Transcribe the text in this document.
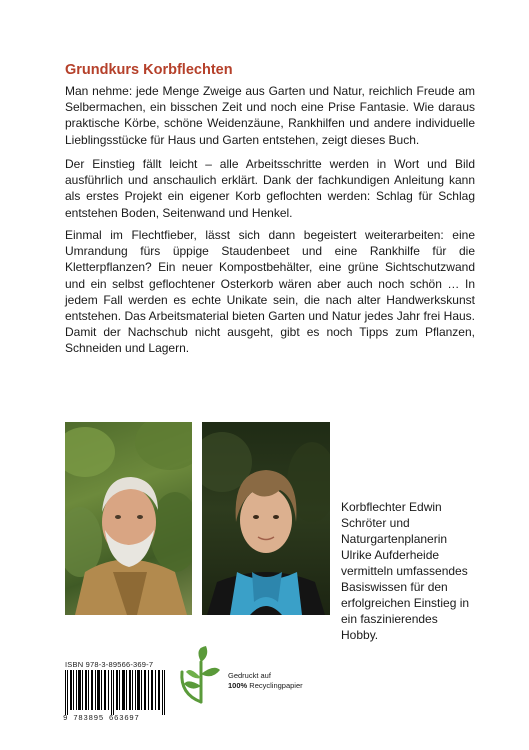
Grundkurs Korbflechten

Man nehme: jede Menge Zweige aus Garten und Natur, reichlich Freude am Selbermachen, ein bisschen Zeit und noch eine Prise Fantasie. Wie daraus praktische Körbe, schöne Weidenzäune, Rankhilfen und andere individuelle Lieblingsstücke für Haus und Garten entstehen, zeigt dieses Buch.

Der Einstieg fällt leicht – alle Arbeitsschritte werden in Wort und Bild ausführlich und anschaulich erklärt. Dank der fachkundigen Anleitung kann als erstes Projekt ein eigener Korb geflochten werden: Schlag für Schlag entstehen Boden, Seitenwand und Henkel.

Einmal im Flechtfieber, lässt sich dann begeistert weiterarbeiten: eine Umrandung fürs üppige Staudenbeet und eine Rankhilfe für die Kletterpflanzen? Ein neuer Kompostbehälter, eine grüne Sichtschutzwand und ein selbst geflochtener Osterkorb wären aber auch noch schön … In jedem Fall werden es echte Unikate sein, die nach alter Handwerkskunst entstehen. Das Arbeitsmaterial bieten Garten und Natur jedes Jahr frei Haus. Damit der Nachschub nicht ausgeht, gibt es noch Tipps zum Pflanzen, Schneiden und Lagern.

Korbflechter Edwin Schröter und Naturgartenplanerin Ulrike Aufderheide vermitteln umfassendes Basiswissen für den erfolgreichen Einstieg in ein faszinierendes Hobby.
ISBN 978-3-89566-369-7
9 783895 663697
Gedruckt auf
100% Recyclingpapier
